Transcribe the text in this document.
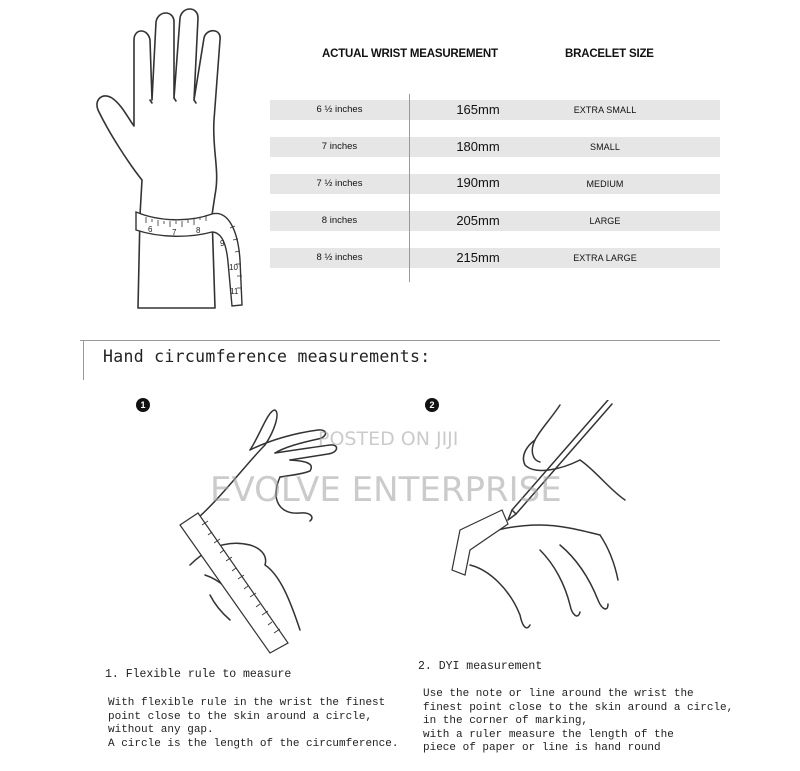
6 7 8
9
10
11
ACTUAL WRIST MEASUREMENT	BRACELET SIZE
6 ½ inches	165mm	EXTRA SMALL
7 inches	180mm	SMALL
7 ½ inches	190mm	MEDIUM
8 inches	205mm	LARGE
8 ½ inches	215mm	EXTRA LARGE
Hand circumference measurements:
1
1. Flexible rule to measure
With flexible rule in the wrist the finest
point close to the skin around a circle,
without any gap.
A circle is the length of the circumference.
2
2. DYI measurement
Use the note or line around the wrist the
finest point close to the skin around a circle,
in the corner of marking,
with a ruler measure the length of the
piece of paper or line is hand round
POSTED ON JIJI
EVOLVE ENTERPRISE
